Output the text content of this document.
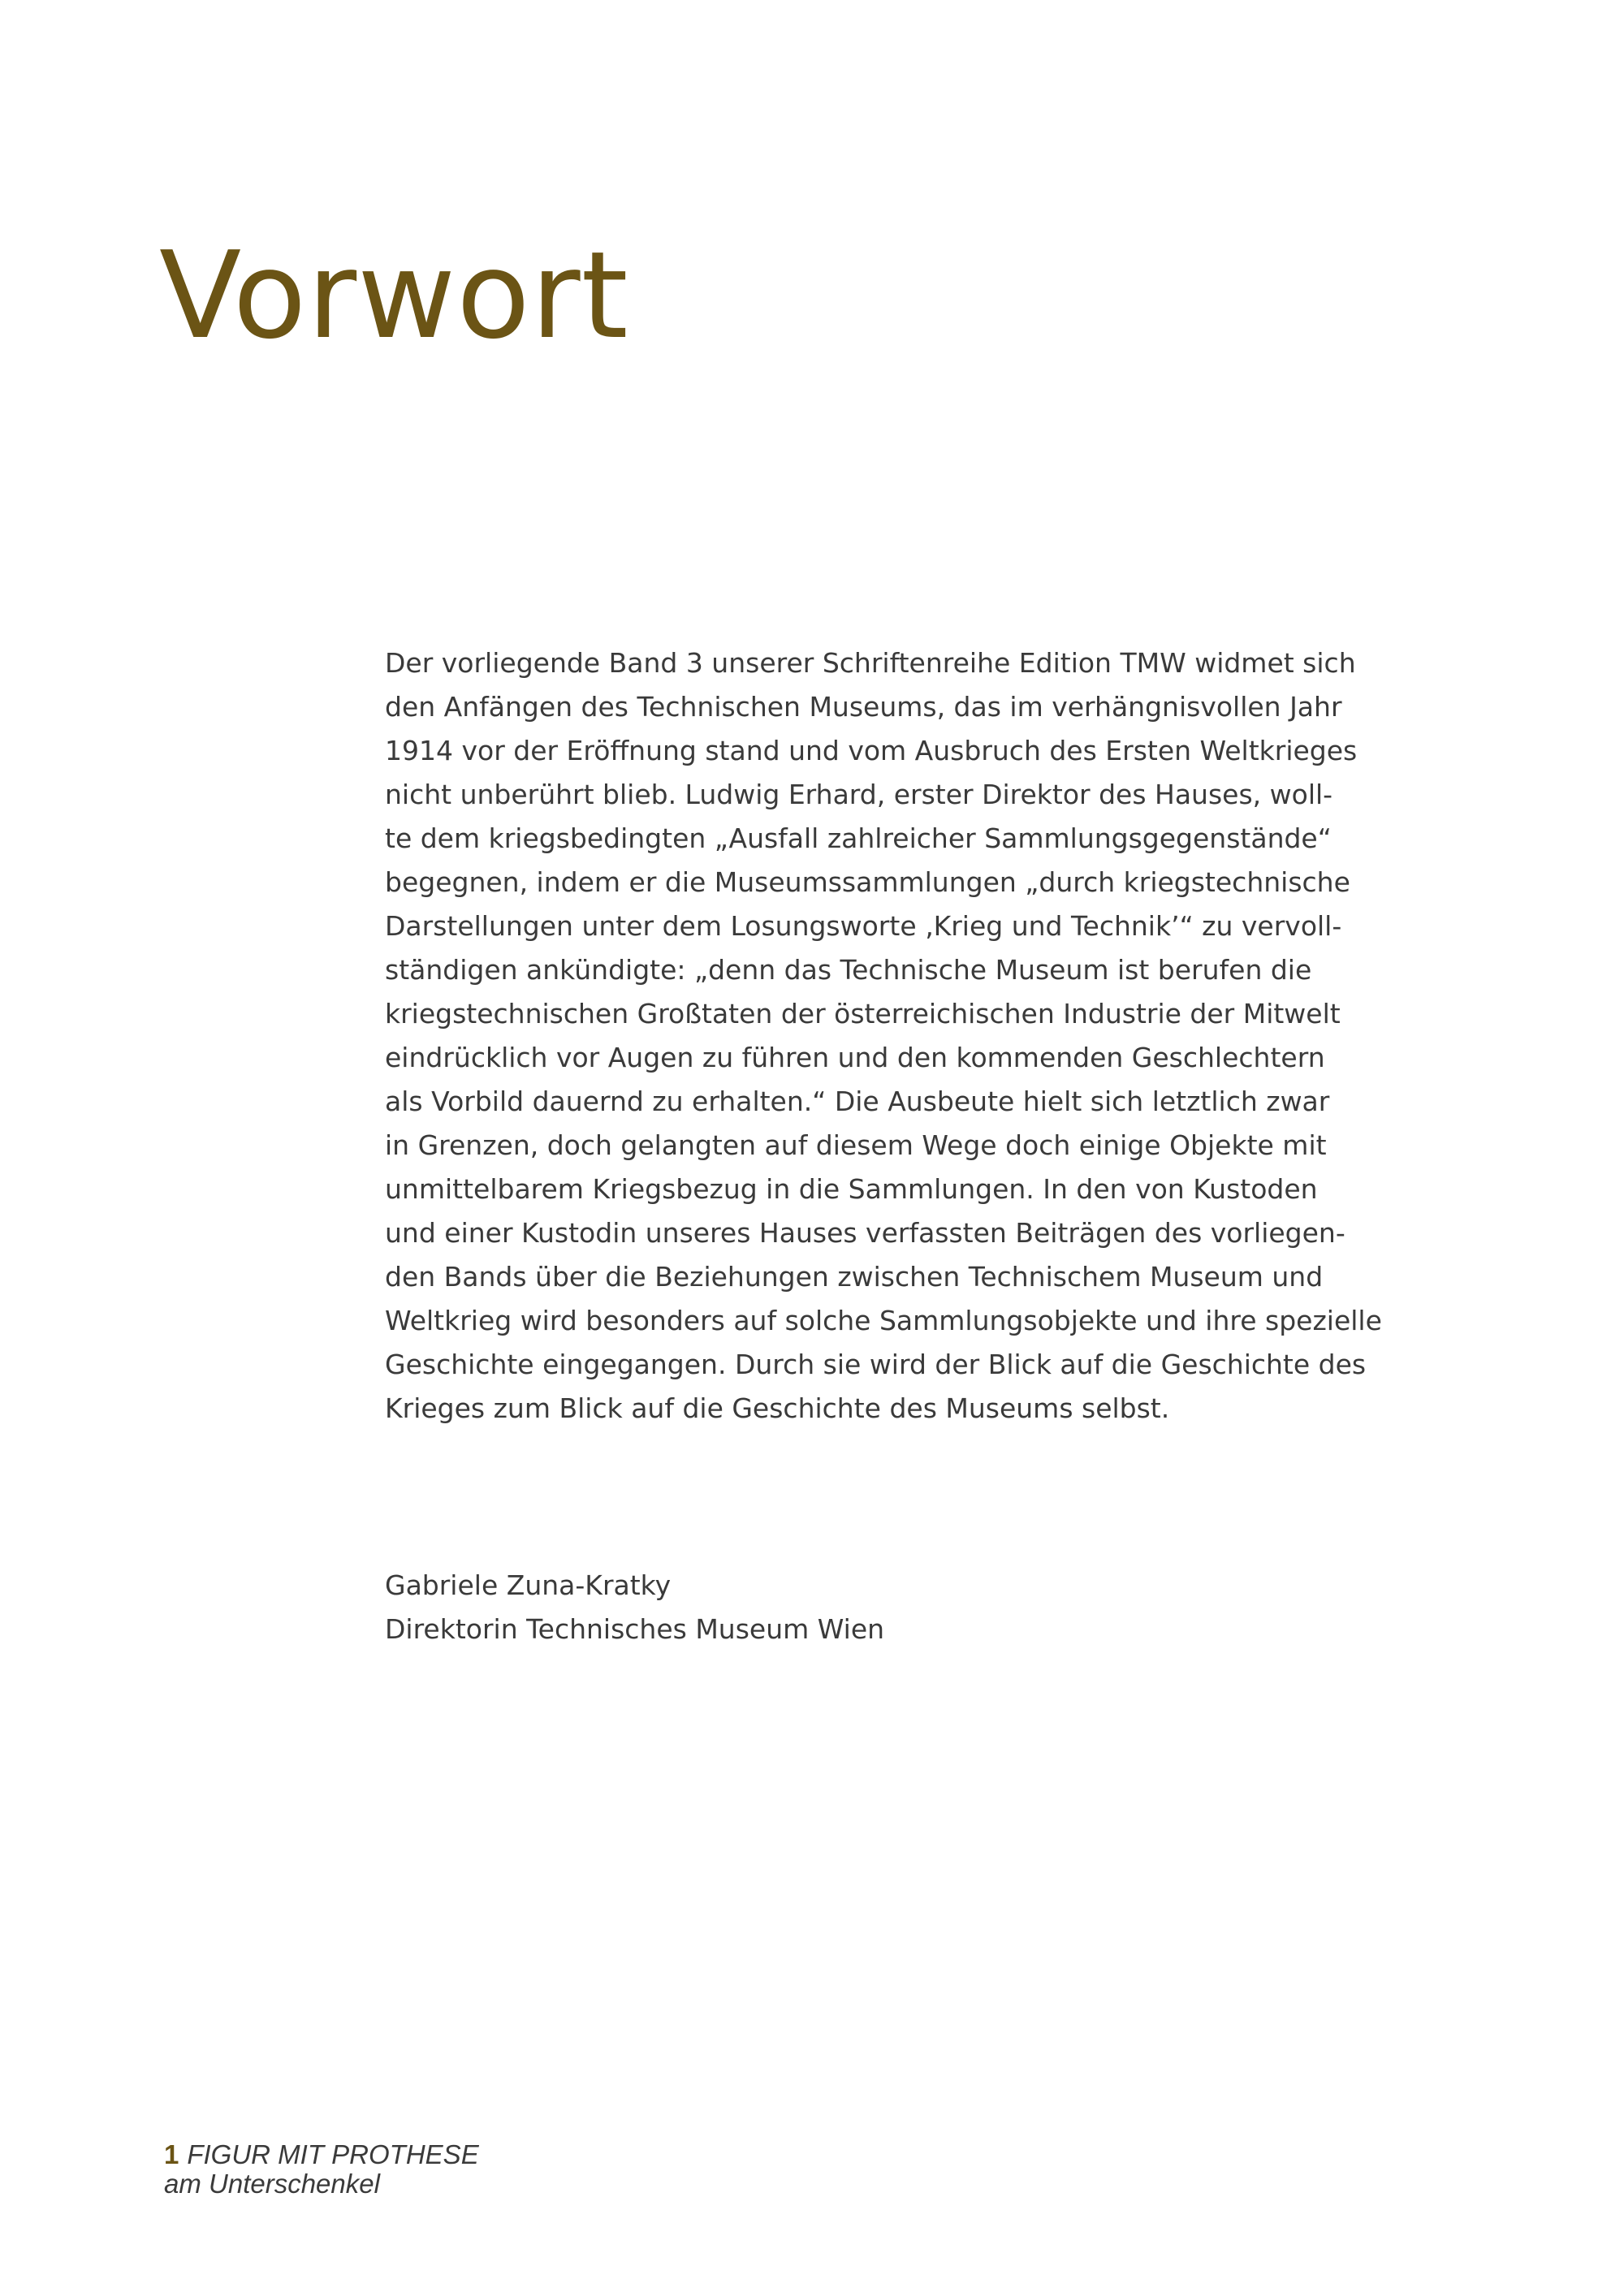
Vorwort
Der vorliegende Band 3 unserer Schriftenreihe Edition TMW widmet sich
den Anfängen des Technischen Museums, das im verhängnisvollen Jahr
1914 vor der Eröffnung stand und vom Ausbruch des Ersten Weltkrieges
nicht unberührt blieb. Ludwig Erhard, erster Direktor des Hauses, woll-
te dem kriegsbedingten „Ausfall zahlreicher Sammlungsgegenstände“
begegnen, indem er die Museumssammlungen „durch kriegstechnische
Darstellungen unter dem Losungsworte ‚Krieg und Technik’“ zu vervoll-
ständigen ankündigte: „denn das Technische Museum ist berufen die
kriegstechnischen Großtaten der österreichischen Industrie der Mitwelt
eindrücklich vor Augen zu führen und den kommenden Geschlechtern
als Vorbild dauernd zu erhalten.“ Die Ausbeute hielt sich letztlich zwar
in Grenzen, doch gelangten auf diesem Wege doch einige Objekte mit
unmittelbarem Kriegsbezug in die Sammlungen. In den von Kustoden
und einer Kustodin unseres Hauses verfassten Beiträgen des vorliegen-
den Bands über die Beziehungen zwischen Technischem Museum und
Weltkrieg wird besonders auf solche Sammlungsobjekte und ihre spezielle
Geschichte eingegangen. Durch sie wird der Blick auf die Geschichte des
Krieges zum Blick auf die Geschichte des Museums selbst.
Gabriele Zuna-Kratky
Direktorin Technisches Museum Wien
1 FIGUR MIT PROTHESE
am Unterschenkel
